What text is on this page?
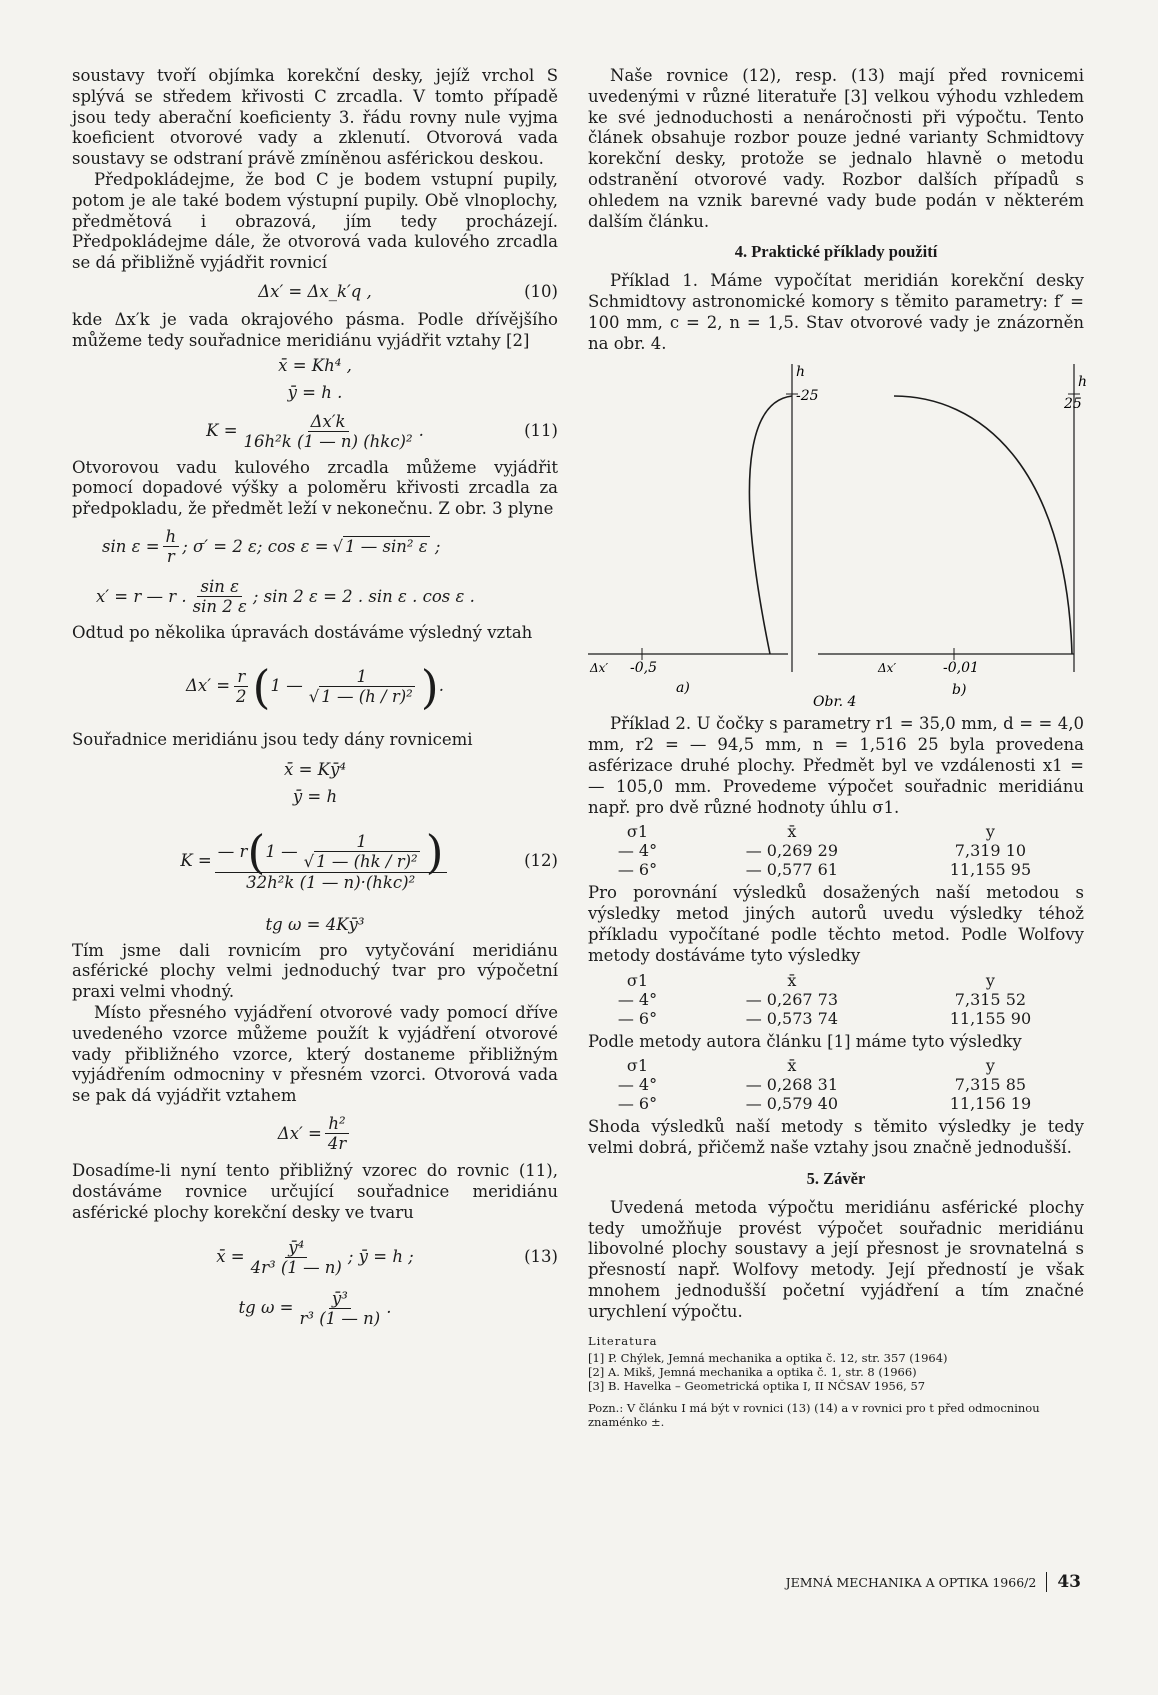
soustavy tvoří objímka korekční desky, jejíž vrchol S splývá se středem křivosti C zrcadla. V tomto případě jsou tedy aberační koeficienty 3. řádu rovny nule vyjma koeficient otvorové vady a zklenutí. Otvorová vada soustavy se odstraní právě zmíněnou asférickou deskou.

Předpokládejme, že bod C je bodem vstupní pupily, potom je ale také bodem výstupní pupily. Obě vlnoplochy, předmětová i obrazová, jím tedy procházejí. Předpokládejme dále, že otvorová vada kulového zrcadla se dá přibližně vyjádřit rovnicí

Δx′ = Δx_k′q ,	(10)

kde Δx′k je vada okrajového pásma. Podle dřívějšího můžeme tedy souřadnice meridiánu vyjádřit vztahy [2]

x̄ = Kh⁴ ,
ȳ = h .
$K = \frac{\Delta x'k}{\text{16h²k (1 — n) (hkc)²}}$ .	(11)

Otvorovou vadu kulového zrcadla můžeme vyjádřit pomocí dopadové výšky a poloměru křivosti zrcadla za předpokladu, že předmět leží v nekonečnu. Z obr. 3 plyne

$\sin \varepsilon = \frac{h}{r}$ ; σ′ = 2 ε; cos ε = √ 1 — sin² ε ;
x′ = r — r . $\frac{\text{sin ε}}{\sin 2 \varepsilon}$ ; sin 2 ε = 2 . sin ε . cos ε .

Odtud po několika úpravách dostáváme výsledný vztah

$\Delta x' = \frac{r}{2}$ ( 1 — $\frac{1}{\text{√ 1 — (h / r)²}}$ ) .

Souřadnice meridiánu jsou tedy dány rovnicemi

x̄ = Kȳ⁴
ȳ = h
$K = \frac{— r ( 1 — \frac{1}{\text{√ 1 — (hk / r)²}} )}{\text{32h²k (1 — n)·(hkc)²}}$	(12)
tg ω = 4Kȳ³

Tím jsme dali rovnicím pro vytyčování meridiánu asférické plochy velmi jednoduchý tvar pro výpočetní praxi velmi vhodný.

Místo přesného vyjádření otvorové vady pomocí dříve uvedeného vzorce můžeme použít k vyjádření otvorové vady přibližného vzorce, který dostaneme přibližným vyjádřením odmocniny v přesném vzorci. Otvorová vada se pak dá vyjádřit vztahem

$\Delta x' = \frac{\text{h²}}{4r}$

Dosadíme-li nyní tento přibližný vzorec do rovnic (11), dostáváme rovnice určující souřadnice meridiánu asférické plochy korekční desky ve tvaru

x̄ = $\frac{\text{ȳ⁴}}{\text{4r³ (1 — n)}}$ ; ȳ = h ;	(13)
tg $\omega = \frac{\text{ȳ³}}{\text{r³ (1 — n)}}$ .

Naše rovnice (12), resp. (13) mají před rovnicemi uvedenými v různé literatuře [3] velkou výhodu vzhledem ke své jednoduchosti a nenáročnosti při výpočtu. Tento článek obsahuje rozbor pouze jedné varianty Schmidtovy korekční desky, protože se jednalo hlavně o metodu odstranění otvorové vady. Rozbor dalších případů s ohledem na vznik barevné vady bude podán v některém dalším článku.

4. Praktické příklady použití

Příklad 1. Máme vypočítat meridián korekční desky Schmidtovy astronomické komory s těmito parametry: f′ = 100 mm, c = 2, n = 1,5. Stav otvorové vady je znázorněn na obr. 4.

h
-25
Δx′ -0,5
a)
h
25
Δx′	-0,01
b)
Obr. 4

Příklad 2. U čočky s parametry r1 = 35,0 mm, d = = 4,0 mm, r2 = — 94,5 mm, n = 1,516 25 byla provedena asférizace druhé plochy. Předmět byl ve vzdálenosti x1 = — 105,0 mm. Provedeme výpočet souřadnic meridiánu např. pro dvě různé hodnoty úhlu σ1.

σ1	x̄	y
— 4°	— 0,269 29	7,319 10
— 6°	— 0,577 61	11,155 95

Pro porovnání výsledků dosažených naší metodou s výsledky metod jiných autorů uvedu výsledky téhož příkladu vypočítané podle těchto metod. Podle Wolfovy metody dostáváme tyto výsledky

σ1	x̄	y
— 4°	— 0,267 73	7,315 52
— 6°	— 0,573 74	11,155 90

Podle metody autora článku [1] máme tyto výsledky

σ1	x̄	y
— 4°	— 0,268 31	7,315 85
— 6°	— 0,579 40	11,156 19

Shoda výsledků naší metody s těmito výsledky je tedy velmi dobrá, přičemž naše vztahy jsou značně jednodušší.

5. Závěr

Uvedená metoda výpočtu meridiánu asférické plochy tedy umožňuje provést výpočet souřadnic meridiánu libovolné plochy soustavy a její přesnost je srovnatelná s přesností např. Wolfovy metody. Její předností je však mnohem jednodušší početní vyjádření a tím značné urychlení výpočtu.

Literatura
[1] P. Chýlek, Jemná mechanika a optika č. 12, str. 357 (1964)
[2] A. Mikš, Jemná mechanika a optika č. 1, str. 8 (1966)
[3] B. Havelka – Geometrická optika I, II NČSAV 1956, 57
Pozn.: V článku I má být v rovnici (13) (14) a v rovnici pro t před odmocninou znaménko ±.
JEMNÁ MECHANIKA A OPTIKA 1966/2 43
